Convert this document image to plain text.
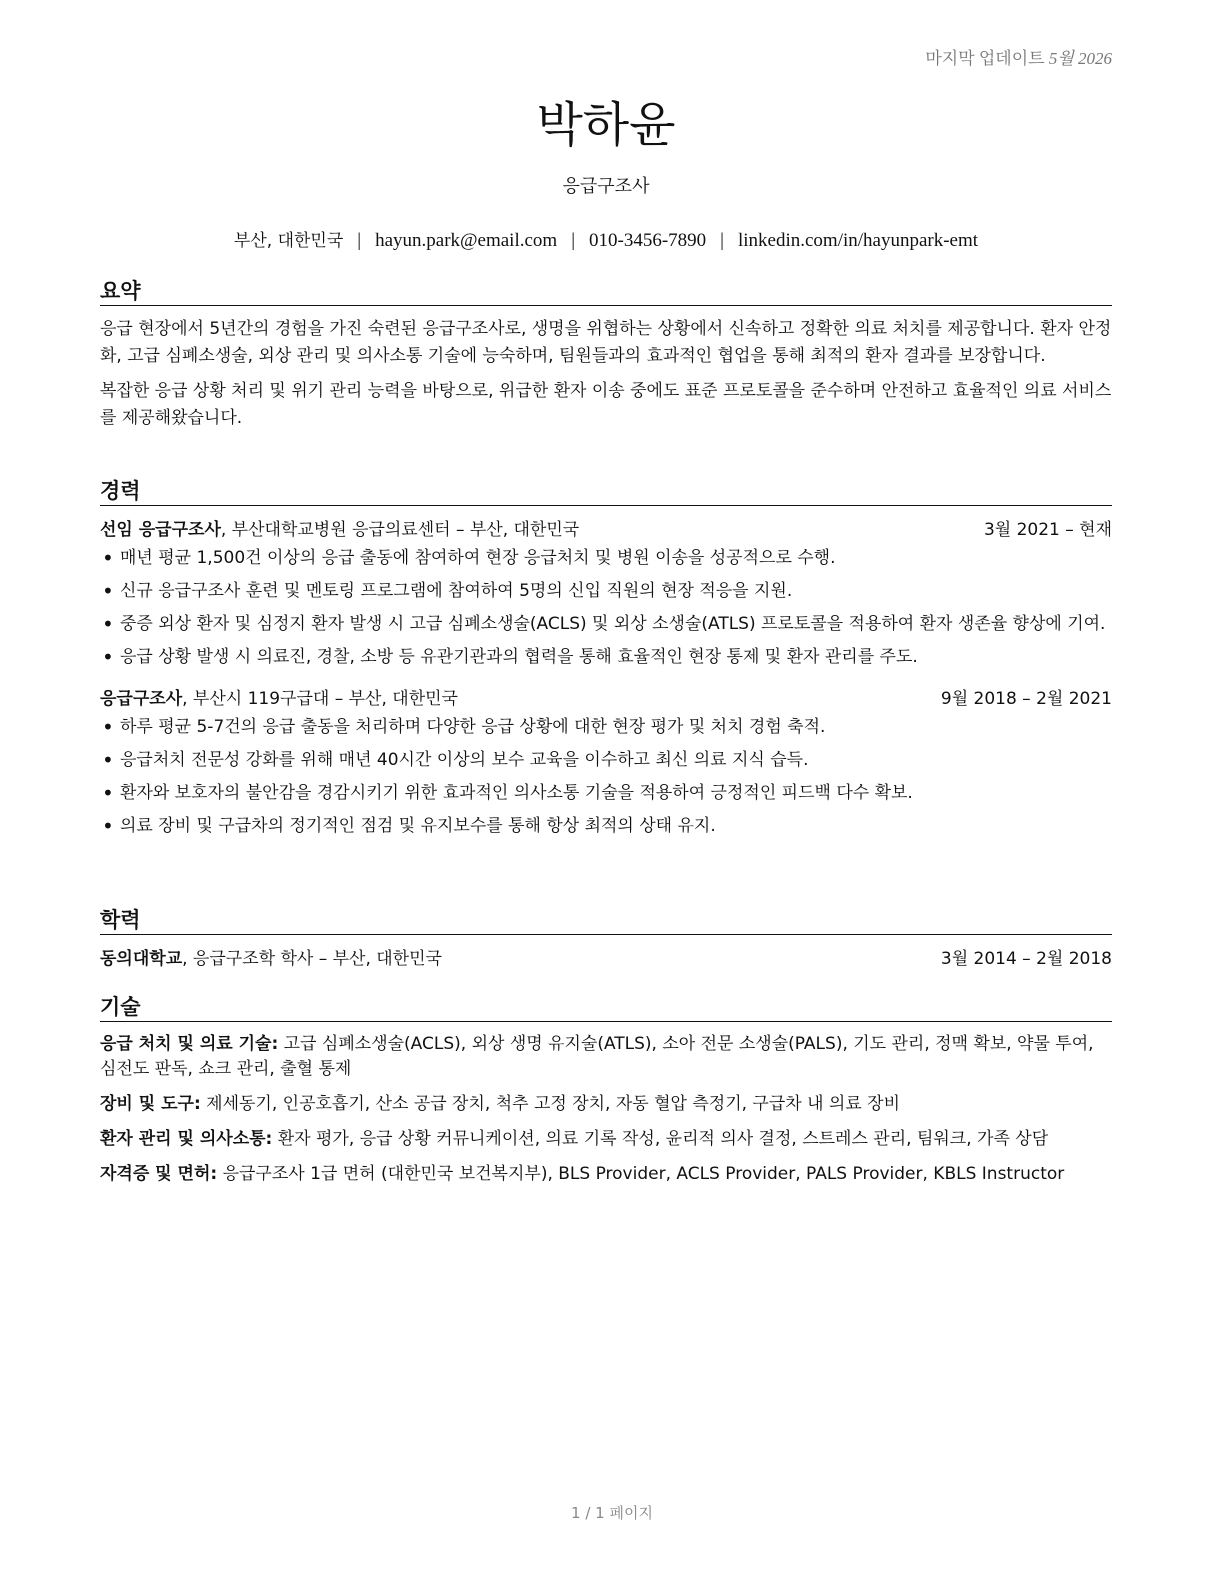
마지막 업데이트 5월 2026
박하윤
응급구조사
부산, 대한민국 | hayun.park@email.com | 010-3456-7890 | linkedin.com/in/hayunpark-emt
요약

응급 현장에서 5년간의 경험을 가진 숙련된 응급구조사로, 생명을 위협하는 상황에서 신속하고 정확한 의료 처치를 제공합니다. 환자 안정화, 고급 심폐소생술, 외상 관리 및 의사소통 기술에 능숙하며, 팀원들과의 효과적인 협업을 통해 최적의 환자 결과를 보장합니다.

복잡한 응급 상황 처리 및 위기 관리 능력을 바탕으로, 위급한 환자 이송 중에도 표준 프로토콜을 준수하며 안전하고 효율적인 의료 서비스를 제공해왔습니다.

경력
선임 응급구조사, 부산대학교병원 응급의료센터 – 부산, 대한민국	3월 2021 – 현재
• 매년 평균 1,500건 이상의 응급 출동에 참여하여 현장 응급처치 및 병원 이송을 성공적으로 수행.
• 신규 응급구조사 훈련 및 멘토링 프로그램에 참여하여 5명의 신입 직원의 현장 적응을 지원.
• 중증 외상 환자 및 심정지 환자 발생 시 고급 심폐소생술(ACLS) 및 외상 소생술(ATLS) 프로토콜을 적용하여 환자 생존율 향상에 기여.
• 응급 상황 발생 시 의료진, 경찰, 소방 등 유관기관과의 협력을 통해 효율적인 현장 통제 및 환자 관리를 주도.
응급구조사, 부산시 119구급대 – 부산, 대한민국	9월 2018 – 2월 2021
• 하루 평균 5-7건의 응급 출동을 처리하며 다양한 응급 상황에 대한 현장 평가 및 처치 경험 축적.
• 응급처치 전문성 강화를 위해 매년 40시간 이상의 보수 교육을 이수하고 최신 의료 지식 습득.
• 환자와 보호자의 불안감을 경감시키기 위한 효과적인 의사소통 기술을 적용하여 긍정적인 피드백 다수 확보.
• 의료 장비 및 구급차의 정기적인 점검 및 유지보수를 통해 항상 최적의 상태 유지.
학력
동의대학교, 응급구조학 학사 – 부산, 대한민국	3월 2014 – 2월 2018
기술

응급 처치 및 의료 기술: 고급 심폐소생술(ACLS), 외상 생명 유지술(ATLS), 소아 전문 소생술(PALS), 기도 관리, 정맥 확보, 약물 투여, 심전도 판독, 쇼크 관리, 출혈 통제

장비 및 도구: 제세동기, 인공호흡기, 산소 공급 장치, 척추 고정 장치, 자동 혈압 측정기, 구급차 내 의료 장비

환자 관리 및 의사소통: 환자 평가, 응급 상황 커뮤니케이션, 의료 기록 작성, 윤리적 의사 결정, 스트레스 관리, 팀워크, 가족 상담

자격증 및 면허: 응급구조사 1급 면허 (대한민국 보건복지부), BLS Provider, ACLS Provider, PALS Provider, KBLS Instructor

1 / 1 페이지
